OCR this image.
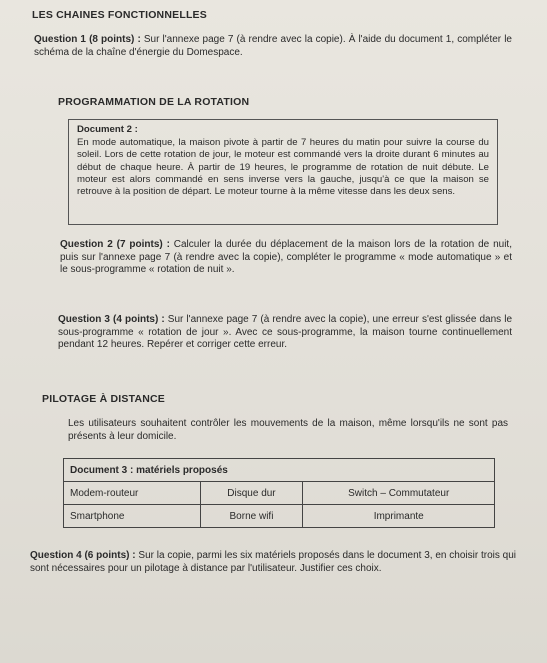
LES CHAINES FONCTIONNELLES
Question 1 (8 points) : Sur l'annexe page 7 (à rendre avec la copie). À l'aide du document 1, compléter le schéma de la chaîne d'énergie du Domespace.
PROGRAMMATION DE LA ROTATION
Document 2 :

En mode automatique, la maison pivote à partir de 7 heures du matin pour suivre la course du soleil. Lors de cette rotation de jour, le moteur est commandé vers la droite durant 6 minutes au début de chaque heure. À partir de 19 heures, le programme de rotation de nuit débute. Le moteur est alors commandé en sens inverse vers la gauche, jusqu'à ce que la maison se retrouve à la position de départ. Le moteur tourne à la même vitesse dans les deux sens.

Question 2 (7 points) : Calculer la durée du déplacement de la maison lors de la rotation de nuit, puis sur l'annexe page 7 (à rendre avec la copie), compléter le programme « mode automatique » et le sous-programme « rotation de nuit ».
Question 3 (4 points) : Sur l'annexe page 7 (à rendre avec la copie), une erreur s'est glissée dans le sous-programme « rotation de jour ». Avec ce sous-programme, la maison tourne continuellement pendant 12 heures. Repérer et corriger cette erreur.
PILOTAGE À DISTANCE
Les utilisateurs souhaitent contrôler les mouvements de la maison, même lorsqu'ils ne sont pas présents à leur domicile.
Document 3 : matériels proposés		
Modem-routeur	Disque dur	Switch – Commutateur
Smartphone	Borne wifi	Imprimante
Question 4 (6 points) : Sur la copie, parmi les six matériels proposés dans le document 3, en choisir trois qui sont nécessaires pour un pilotage à distance par l'utilisateur. Justifier ces choix.
